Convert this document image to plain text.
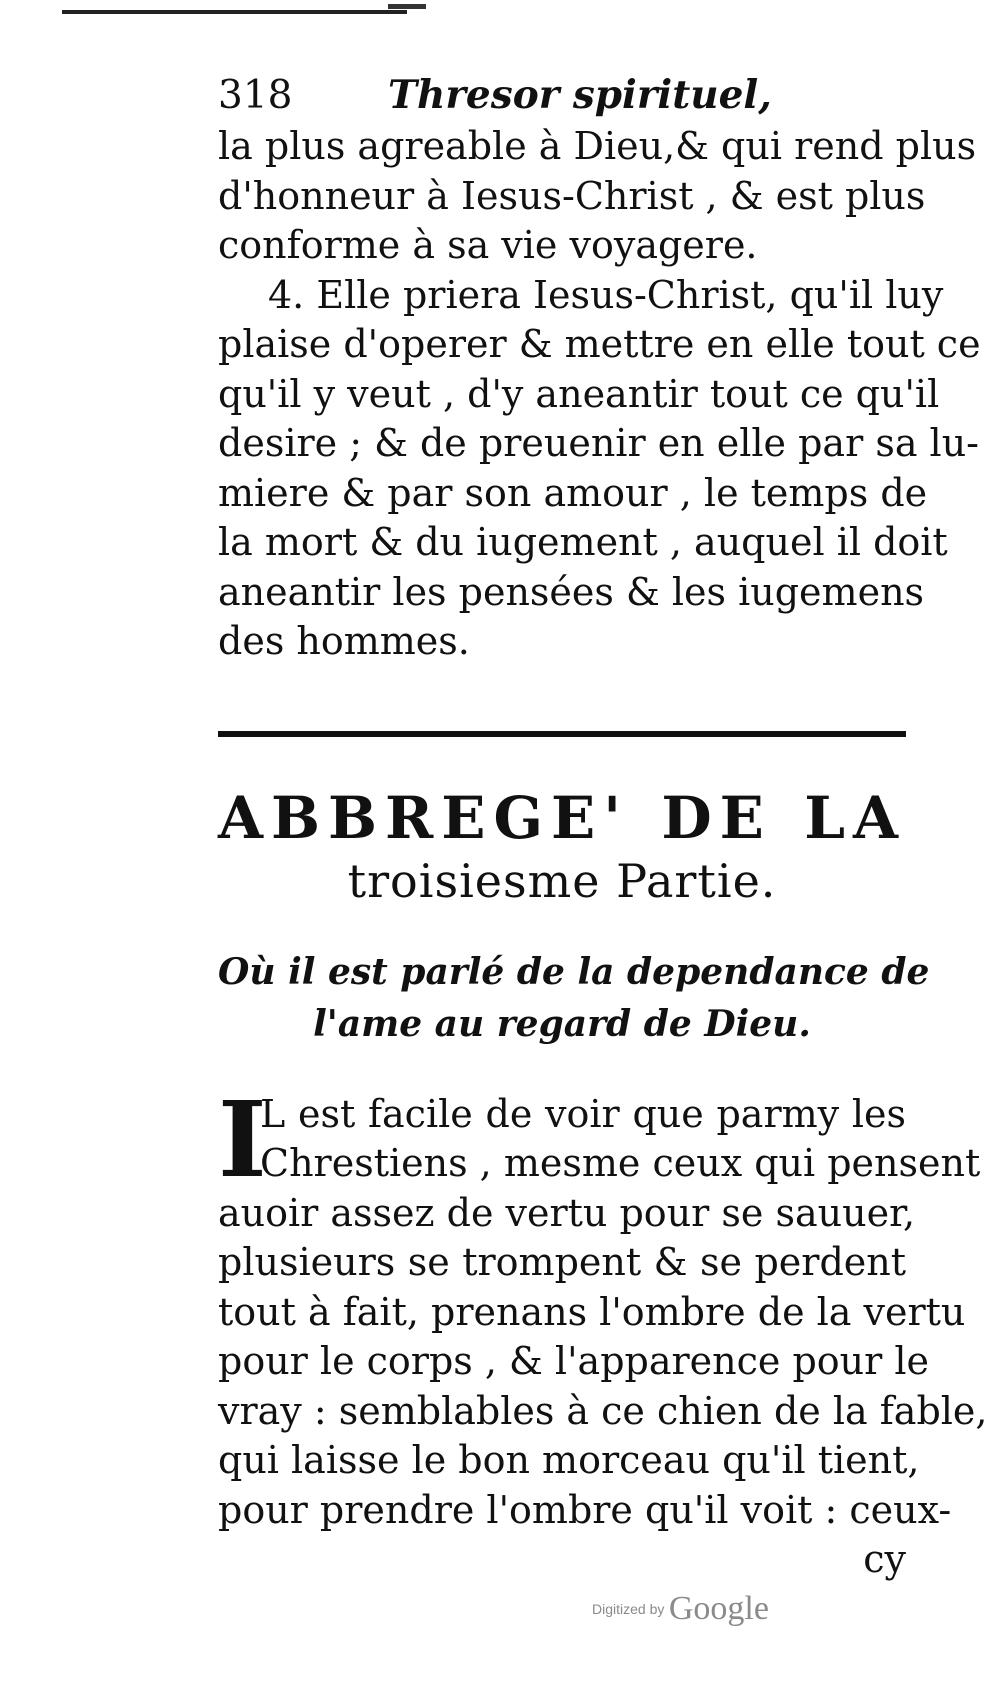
318	Thresor spirituel,
la plus agreable à Dieu,& qui rend plus
d'honneur à Iesus-Christ , & est plus
conforme à sa vie voyagere.
4. Elle priera Iesus-Christ, qu'il luy
plaise d'operer & mettre en elle tout ce
qu'il y veut , d'y aneantir tout ce qu'il
desire ; & de preuenir en elle par sa lu-
miere & par son amour , le temps de
la mort & du iugement , auquel il doit
aneantir les pensées & les iugemens
des hommes.
ABBREGE' DE LA
troisiesme Partie.
Où il est parlé de la dependance de
l'ame au regard de Dieu.
I
L est facile de voir que parmy les
Chrestiens , mesme ceux qui pensent
auoir assez de vertu pour se sauuer,
plusieurs se trompent & se perdent
tout à fait, prenans l'ombre de la vertu
pour le corps , & l'apparence pour le
vray : semblables à ce chien de la fable,
qui laisse le bon morceau qu'il tient,
pour prendre l'ombre qu'il voit : ceux-
cy
Digitized by Google
